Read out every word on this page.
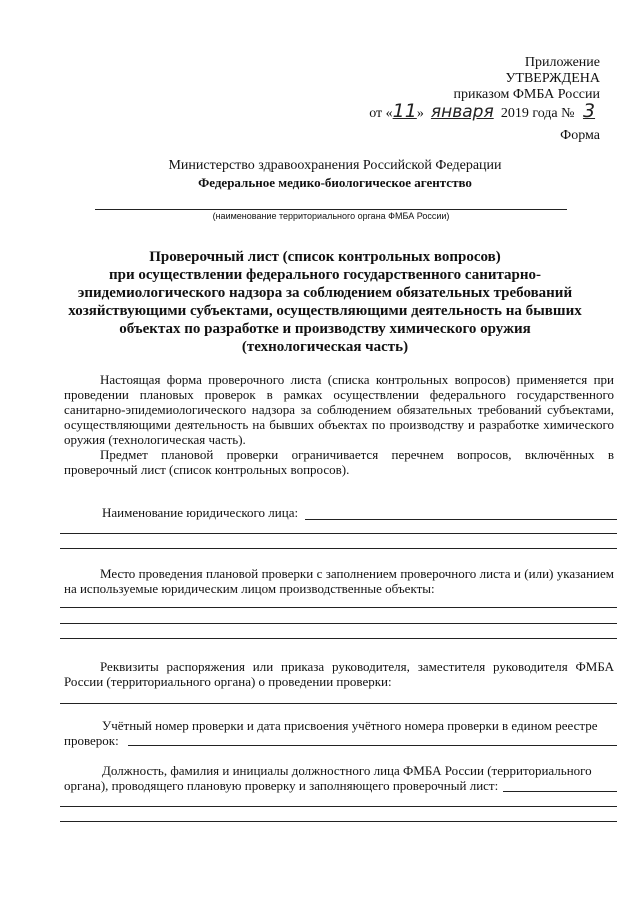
Приложение
УТВЕРЖДЕНА
приказом ФМБА России
от «11» января 2019 года № 3
Форма
Министерство здравоохранения Российской Федерации
Федеральное медико-биологическое агентство
(наименование территориального органа ФМБА России)
Проверочный лист (список контрольных вопросов)
при осуществлении федерального государственного санитарно-
эпидемиологического надзора за соблюдением обязательных требований
хозяйствующими субъектами, осуществляющими деятельность на бывших
объектах по разработке и производству химического оружия
(технологическая часть)
Настоящая форма проверочного листа (списка контрольных вопросов) применяется при проведении плановых проверок в рамках осуществлении федерального государственного санитарно-эпидемиологического надзора за соблюдением обязательных требований субъектами, осуществляющими деятельность на бывших объектах по производству и разработке химического оружия (технологическая часть).
Предмет плановой проверки ограничивается перечнем вопросов, включённых в проверочный лист (список контрольных вопросов).
Наименование юридического лица:
Место проведения плановой проверки с заполнением проверочного листа и (или) указанием на используемые юридическим лицом производственные объекты:
Реквизиты распоряжения или приказа руководителя, заместителя руководителя ФМБА России (территориального органа) о проведении проверки:
Учётный номер проверки и дата присвоения учётного номера проверки в едином реестре
проверок:
Должность, фамилия и инициалы должностного лица ФМБА России (территориального
органа), проводящего плановую проверку и заполняющего проверочный лист:
